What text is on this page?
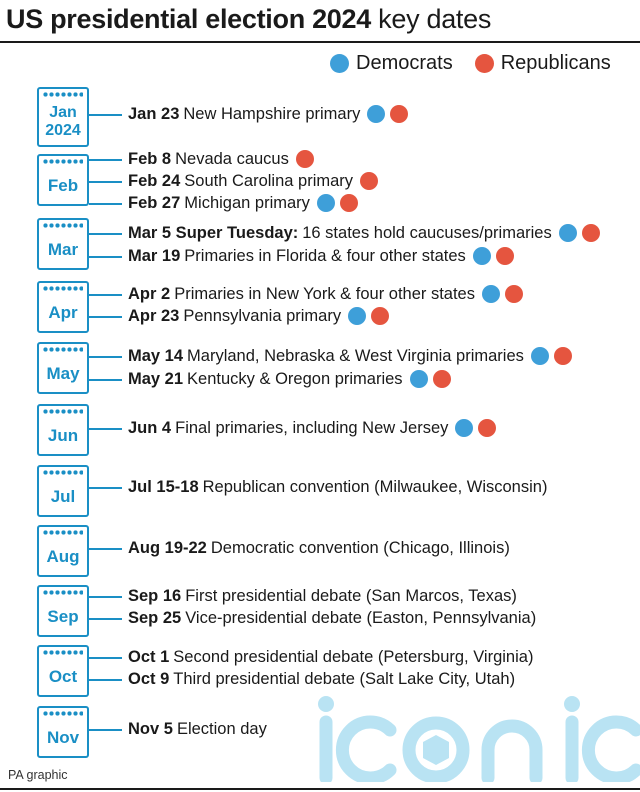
US presidential election 2024 key dates
Democrats Republicans
Jan
2024
Feb
Mar
Apr
May
Jun
Jul
Aug
Sep
Oct
Nov
Jan 23 New Hampshire primary
Feb 8 Nevada caucus
Feb 24 South Carolina primary
Feb 27 Michigan primary
Mar 5 Super Tuesday: 16 states hold caucuses/primaries
Mar 19 Primaries in Florida & four other states
Apr 2 Primaries in New York & four other states
Apr 23 Pennsylvania primary
May 14 Maryland, Nebraska & West Virginia primaries
May 21 Kentucky & Oregon primaries
Jun 4 Final primaries, including New Jersey
Jul 15-18 Republican convention (Milwaukee, Wisconsin)
Aug 19-22 Democratic convention (Chicago, Illinois)
Sep 16 First presidential debate (San Marcos, Texas)
Sep 25 Vice-presidential debate (Easton, Pennsylvania)
Oct 1 Second presidential debate (Petersburg, Virginia)
Oct 9 Third presidential debate (Salt Lake City, Utah)
Nov 5 Election day
PA graphic
